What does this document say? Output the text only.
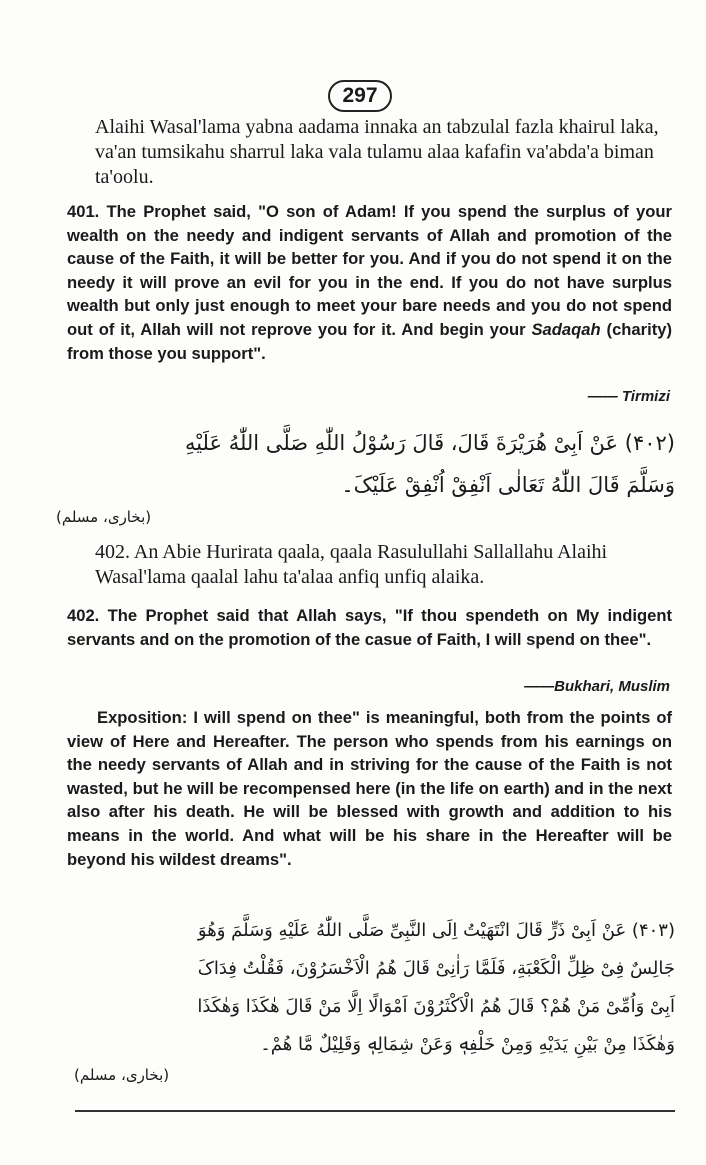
297

Alaihi Wasal'lama yabna aadama innaka an tabzulal fazla khairul laka, va'an tumsikahu sharrul laka vala tulamu alaa kafafin va'abda'a biman ta'oolu.

401. The Prophet said, "O son of Adam! If you spend the surplus of your wealth on the needy and indigent servants of Allah and promotion of the cause of the Faith, it will be better for you. And if you do not spend it on the needy it will prove an evil for you in the end. If you do not have surplus wealth but only just enough to meet your bare needs and you do not spend out of it, Allah will not reprove you for it. And begin your Sadaqah (charity) from those you support".

—— Tirmizi

(۴۰۲) عَنْ اَبِیْ هُرَیْرَةَ قَالَ، قَالَ رَسُوْلُ اللّٰهِ صَلَّی اللّٰهُ عَلَیْهِ
وَسَلَّمَ قَالَ اللّٰهُ تَعَالٰی اَنْفِقْ اُنْفِقْ عَلَیْکَ۔

(بخاری، مسلم)

402. An Abie Hurirata qaala, qaala Rasulullahi Sallallahu Alaihi Wasal'lama qaalal lahu ta'alaa anfiq unfiq alaika.

402. The Prophet said that Allah says, "If thou spendeth on My indigent servants and on the promotion of the casue of Faith, I will spend on thee".

——Bukhari, Muslim

Exposition: I will spend on thee" is meaningful, both from the points of view of Here and Hereafter. The person who spends from his earnings on the needy servants of Allah and in striving for the cause of the Faith is not wasted, but he will be recompensed here (in the life on earth) and in the next also after his death. He will be blessed with growth and addition to his means in the world. And what will be his share in the Hereafter will be beyond his wildest dreams".

(۴۰۳) عَنْ اَبِیْ ذَرٍّ قَالَ انْتَهَیْتُ اِلَی النَّبِیِّ صَلَّی اللّٰهُ عَلَیْهِ وَسَلَّمَ وَهُوَ
جَالِسٌ فِیْ ظِلِّ الْکَعْبَةِ، فَلَمَّا رَاٰنِیْ قَالَ هُمُ الْاَخْسَرُوْنَ، فَقُلْتُ فِدَاکَ
اَبِیْ وَاُمِّیْ مَنْ هُمْ؟ قَالَ هُمُ الْاَکْثَرُوْنَ اَمْوَالًا اِلَّا مَنْ قَالَ هٰکَذَا وَهٰکَذَا
وَهٰکَذَا مِنْ بَیْنِ یَدَیْهِ وَمِنْ خَلْفِهٖ وَعَنْ شِمَالِهٖ وَقَلِیْلٌ مَّا هُمْ۔

(بخاری، مسلم)
